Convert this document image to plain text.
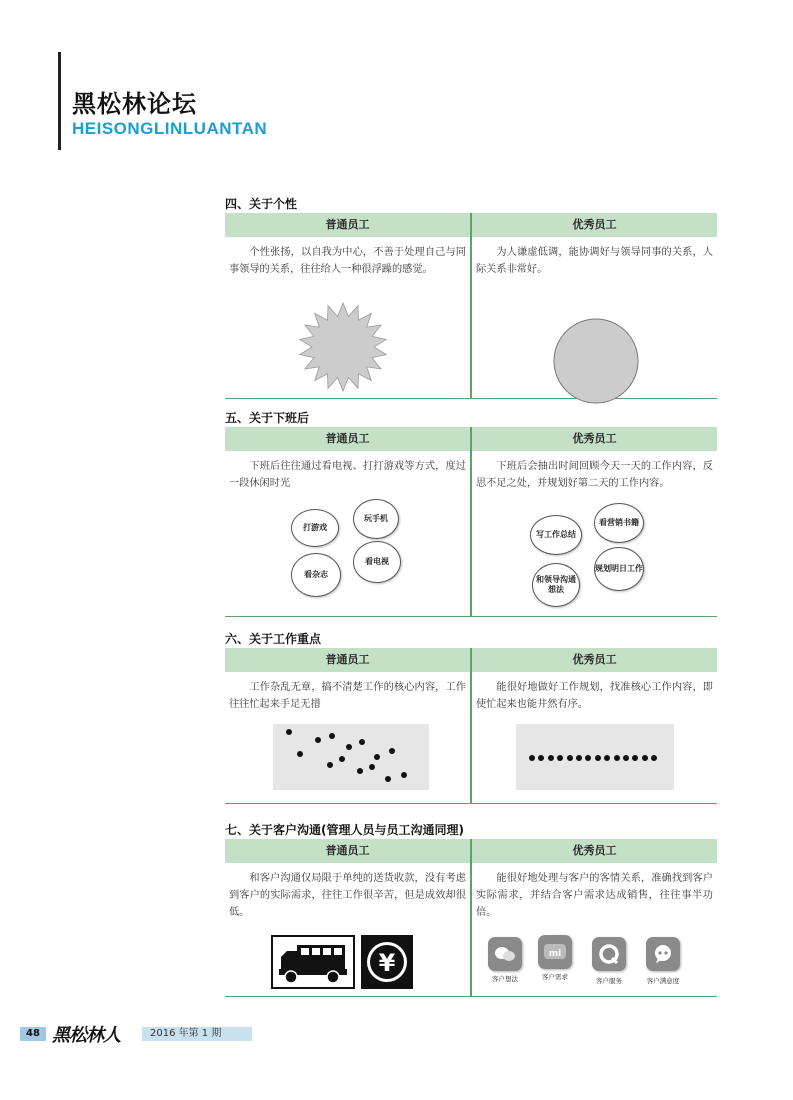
黑松林论坛
HEISONGLINLUANTAN
四、关于个性
普通员工
个性张扬，以自我为中心，不善于处理自己与同事领导的关系，往往给人一种很浮躁的感觉。
优秀员工
为人谦虚低调，能协调好与领导同事的关系，人际关系非常好。
五、关于下班后
普通员工
下班后往往通过看电视、打打游戏等方式，度过一段休闲时光
打游戏
玩手机
看电视
看杂志
优秀员工
下班后会抽出时间回顾今天一天的工作内容，反思不足之处，并规划好第二天的工作内容。
写工作总结
看营销书籍
规划明日工作
和领导沟通想法
六、关于工作重点
普通员工
工作杂乱无章，搞不清楚工作的核心内容，工作往往忙起来手足无措
优秀员工
能很好地做好工作规划，找准核心工作内容，即使忙起来也能井然有序。
七、关于客户沟通(管理人员与员工沟通同理)
普通员工
和客户沟通仅局限于单纯的送货收款，没有考虑到客户的实际需求，往往工作很辛苦，但是成效却很低。
¥
优秀员工
能很好地处理与客户的客情关系，准确找到客户实际需求，并结合客户需求达成销售，往往事半功倍。
客户想法
mi
客户需求	客户服务	客户满意度
48 黑松林人	2016 年第 1 期
